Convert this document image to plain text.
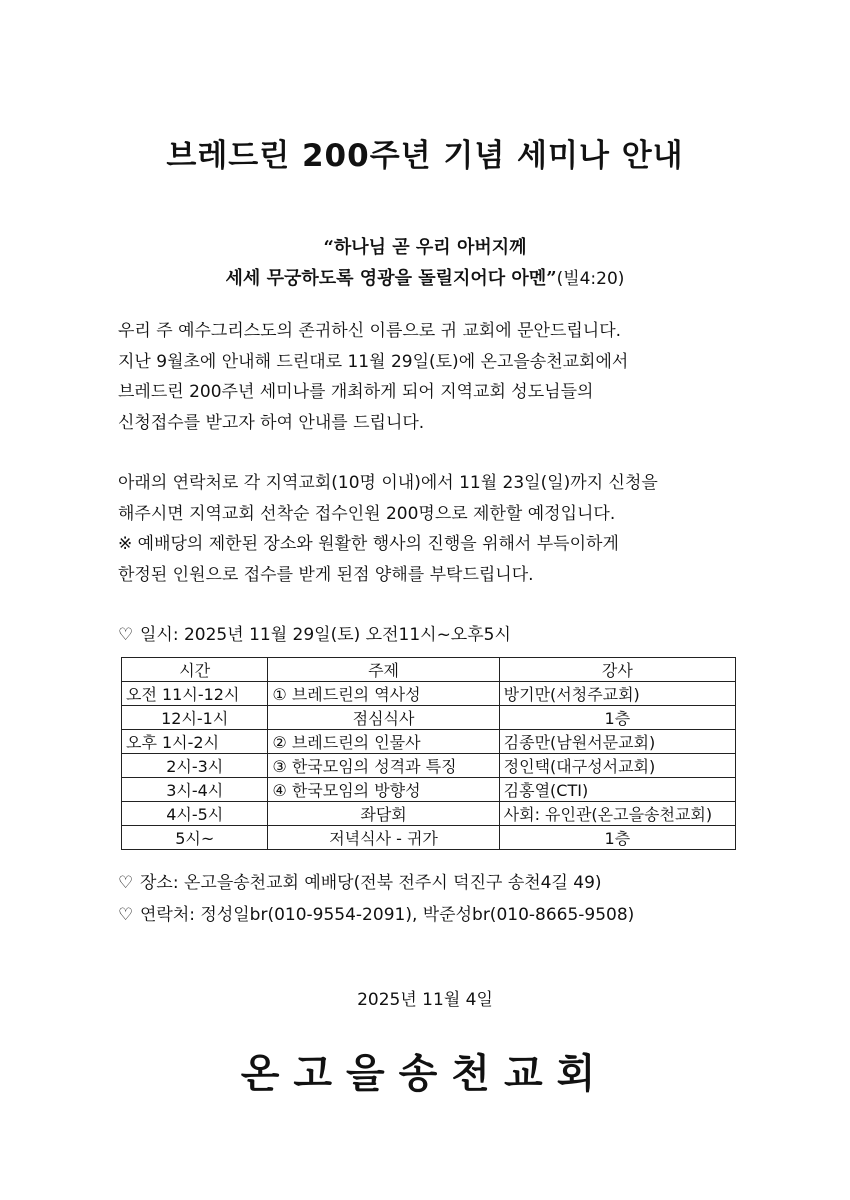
브레드린 200주년 기념 세미나 안내
“하나님 곧 우리 아버지께
세세 무궁하도록 영광을 돌릴지어다 아멘”(빌4:20)
우리 주 예수그리스도의 존귀하신 이름으로 귀 교회에 문안드립니다.
지난 9월초에 안내해 드린대로 11월 29일(토)에 온고을송천교회에서
브레드린 200주년 세미나를 개최하게 되어 지역교회 성도님들의
신청접수를 받고자 하여 안내를 드립니다.
아래의 연락처로 각 지역교회(10명 이내)에서 11월 23일(일)까지 신청을
해주시면 지역교회 선착순 접수인원 200명으로 제한할 예정입니다.
※ 예배당의 제한된 장소와 원활한 행사의 진행을 위해서 부득이하게
한정된 인원으로 접수를 받게 된점 양해를 부탁드립니다.
♡ 일시: 2025년 11월 29일(토) 오전11시~오후5시
시간	주제	강사
오전 11시-12시	① 브레드린의 역사성	방기만(서청주교회)
12시-1시	점심식사	1층
오후 1시-2시	② 브레드린의 인물사	김종만(남원서문교회)
2시-3시	③ 한국모임의 성격과 특징	정인택(대구성서교회)
3시-4시	④ 한국모임의 방향성	김홍열(CTI)
4시-5시	좌담회	사회: 유인관(온고을송천교회)
5시~	저녁식사 - 귀가	1층
♡ 장소: 온고을송천교회 예배당(전북 전주시 덕진구 송천4길 49)
♡ 연락처: 정성일br(010-9554-2091), 박준성br(010-8665-9508)
2025년 11월 4일
온고을송천교회
